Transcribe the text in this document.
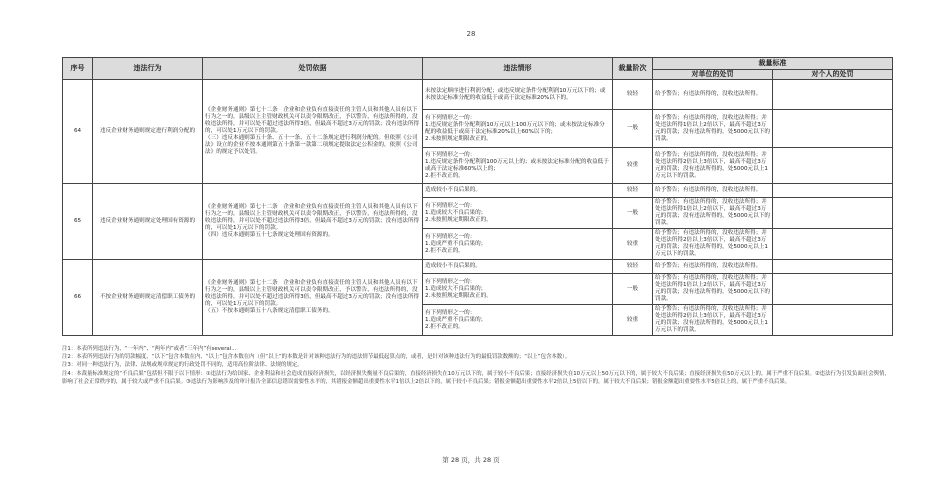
28
序号	违法行为	处罚依据	违法情形	裁量阶次	裁量标准	
					对单位的处罚	对个人的处罚
64	违反企业财务通则规定进行利润分配的	《企业财务通则》第七十二条　企业和企业负有直接责任的主管人员和其他人员有以下行为之一的，县级以上主管财政机关可以责令限期改正，予以警告，有违法所得的，没收违法所得，并可以处不超过违法所得3倍，但最高不超过3万元的罚款；没有违法所得的，可以处1万元以下的罚款。
（三）违反本通则第五十条、五十一条、五十二条规定进行利润分配的。但依照《公司法》设立的企业不按本通则第五十条第一款第二项规定提取法定公积金的，依照《公司法》的规定予以处罚。	未按法定顺序进行利润分配；或违反规定条件分配利润10万元以下的；或未按法定标准分配的收益低于或高于法定标准20%以下的。	较轻	给予警告；有违法所得的，没收违法所得。	
			有下列情形之一的：
1.违反规定条件分配利润10万元以上100万元以下的；或未按法定标准分配的收益低于或高于法定标准20%以上60%以下的；
2.未按照规定期限改正的。	一般	给予警告；有违法所得的，没收违法所得；并处违法所得1倍以上2倍以下，最高不超过3万元的罚款；没有违法所得的，处5000元以下的罚款。	
			有下列情形之一的：
1.违反规定条件分配利润100万元以上的；或未按法定标准分配的收益低于或高于法定标准60%以上的；
2.拒不改正的。	较重	给予警告；有违法所得的，没收违法所得；并处违法所得2倍以上3倍以下，最高不超过3万元的罚款；没有违法所得的，处5000元以上1万元以下的罚款。	
65	违反企业财务通则规定处理国有资源的	《企业财务通则》第七十二条　企业和企业负有直接责任的主管人员和其他人员有以下行为之一的，县级以上主管财政机关可以责令限期改正，予以警告，有违法所得的，没收违法所得，并可以处不超过违法所得3倍，但最高不超过3万元的罚款；没有违法所得的，可以处1万元以下的罚款。
（四）违反本通则第五十七条规定处理国有资源的。	造成较小不良后果的。	较轻	给予警告；有违法所得的，没收违法所得。	
			有下列情形之一的：
1.造成较大不良后果的；
2.未按照规定期限改正的。	一般	给予警告；有违法所得的，没收违法所得；并处违法所得1倍以上2倍以下，最高不超过3万元的罚款；没有违法所得的，处5000元以下的罚款。	
			有下列情形之一的：
1.造成严重不良后果的；
2.拒不改正的。	较重	给予警告；有违法所得的，没收违法所得；并处违法所得2倍以上3倍以下，最高不超过3万元的罚款；没有违法所得的，处5000元以上1万元以下的罚款。	
66	不按企业财务通则规定清偿职工债务的	《企业财务通则》第七十二条　企业和企业负有直接责任的主管人员和其他人员有以下行为之一的，县级以上主管财政机关可以责令限期改正，予以警告，有违法所得的，没收违法所得，并可以处不超过违法所得3倍，但最高不超过3万元的罚款；没有违法所得的，可以处1万元以下的罚款。
（五）不按本通则第五十八条规定清偿职工债务的。	造成较小不良后果的。	较轻	给予警告；有违法所得的，没收违法所得。	
			有下列情形之一的：
1.造成较大不良后果的；
2.未按照规定期限改正的。	一般	给予警告；有违法所得的，没收违法所得；并处违法所得1倍以上2倍以下，最高不超过3万元的罚款；没有违法所得的，处5000元以下的罚款。	
			有下列情形之一的：
1.造成严重不良后果的；
2.拒不改正的。	较重	给予警告；有违法所得的，没收违法所得；并处违法所得2倍以上3倍以下，最高不超过3万元的罚款；没有违法所得的，处5000元以上1万元以下的罚款。	
注1：本表所列违法行为，“一年内”、“两年内”或者“三年内”有several...
注2：本表所列违法行为的罚款幅度，“以下”包含本数在内，“以上”包含本数在内（但“以上”的本数是针对该种违法行为的违法情节最低起算点的，或者，是针对该种违法行为的最低罚款数额的；“以上”包含本数）。
注3：对同一种违法行为，法律、法规或规章规定的行政处罚不同的，适用高位阶法律、法规的规定。
注4：本裁量标准规定的“不良后果”包括但不限于以下情形：①违法行为给国家、企业利益和社会造成直接经济损失，以经济损失衡量不良后果的，直接经济损失在10万元以下的，属于较小不良后果；直接经济损失在10万元以上50万元以下的，属于较大不良后果；直接经济损失在50万元以上的，属于严重不良后果。②违法行为引发负面社会舆情，影响了社会正常秩序的，属于较大或严重不良后果。③违法行为影响涉及的审计报告全部信息错误需要性水平的，其错报金额超出重要性水平1倍以上2倍以下的，属于较小不良后果；错报金额超出重要性水平2倍以上5倍以下的，属于较大不良后果；错报金额超出重要性水平5倍以上的，属于严重不良后果。
第 28 页，共 28 页
